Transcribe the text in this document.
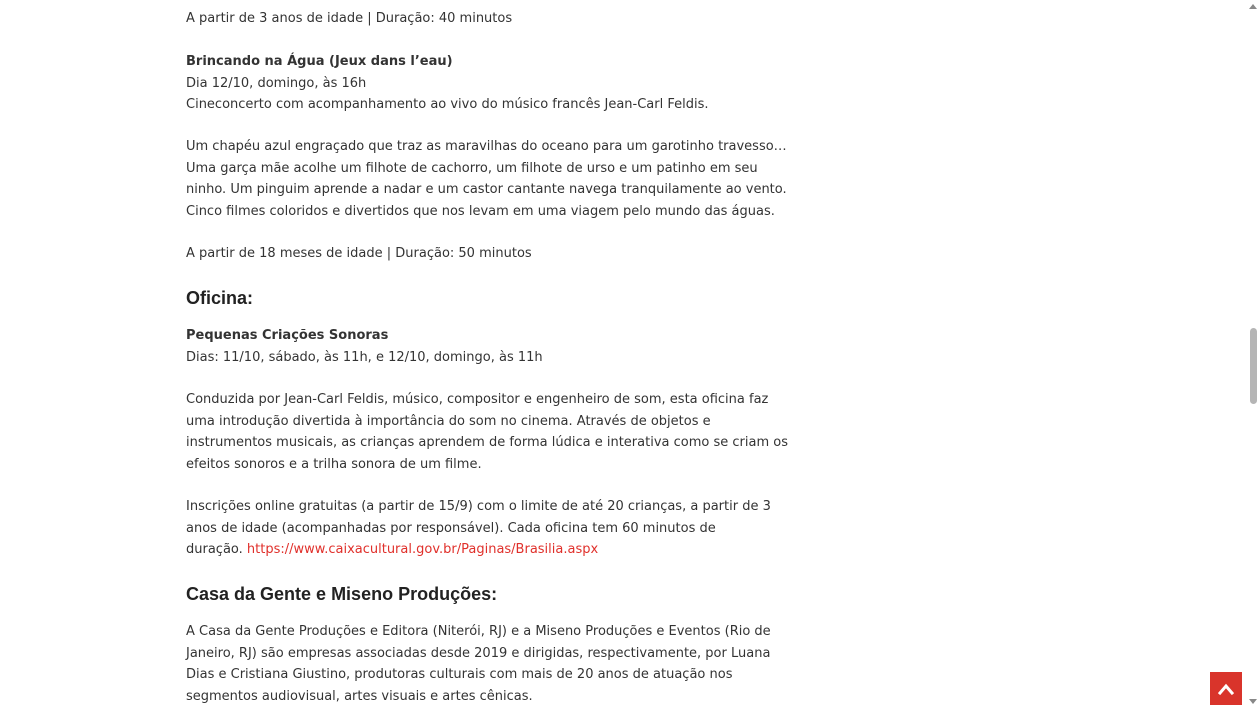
A partir de 3 anos de idade | Duração: 40 minutos

Brincando na Água (Jeux dans l’eau)

Dia 12/10, domingo, às 16h

Cineconcerto com acompanhamento ao vivo do músico francês Jean-Carl Feldis.

Um chapéu azul engraçado que traz as maravilhas do oceano para um garotinho travesso…

Uma garça mãe acolhe um filhote de cachorro, um filhote de urso e um patinho em seu

ninho. Um pinguim aprende a nadar e um castor cantante navega tranquilamente ao vento.

Cinco filmes coloridos e divertidos que nos levam em uma viagem pelo mundo das águas.

A partir de 18 meses de idade | Duração: 50 minutos

Oficina:

Pequenas Criações Sonoras

Dias: 11/10, sábado, às 11h, e 12/10, domingo, às 11h

Conduzida por Jean-Carl Feldis, músico, compositor e engenheiro de som, esta oficina faz

uma introdução divertida à importância do som no cinema. Através de objetos e

instrumentos musicais, as crianças aprendem de forma lúdica e interativa como se criam os

efeitos sonoros e a trilha sonora de um filme.

Inscrições online gratuitas (a partir de 15/9) com o limite de até 20 crianças, a partir de 3

anos de idade (acompanhadas por responsável). Cada oficina tem 60 minutos de

duração. https://www.caixacultural.gov.br/Paginas/Brasilia.aspx

Casa da Gente e Miseno Produções:

A Casa da Gente Produções e Editora (Niterói, RJ) e a Miseno Produções e Eventos (Rio de

Janeiro, RJ) são empresas associadas desde 2019 e dirigidas, respectivamente, por Luana

Dias e Cristiana Giustino, produtoras culturais com mais de 20 anos de atuação nos

segmentos audiovisual, artes visuais e artes cênicas.
